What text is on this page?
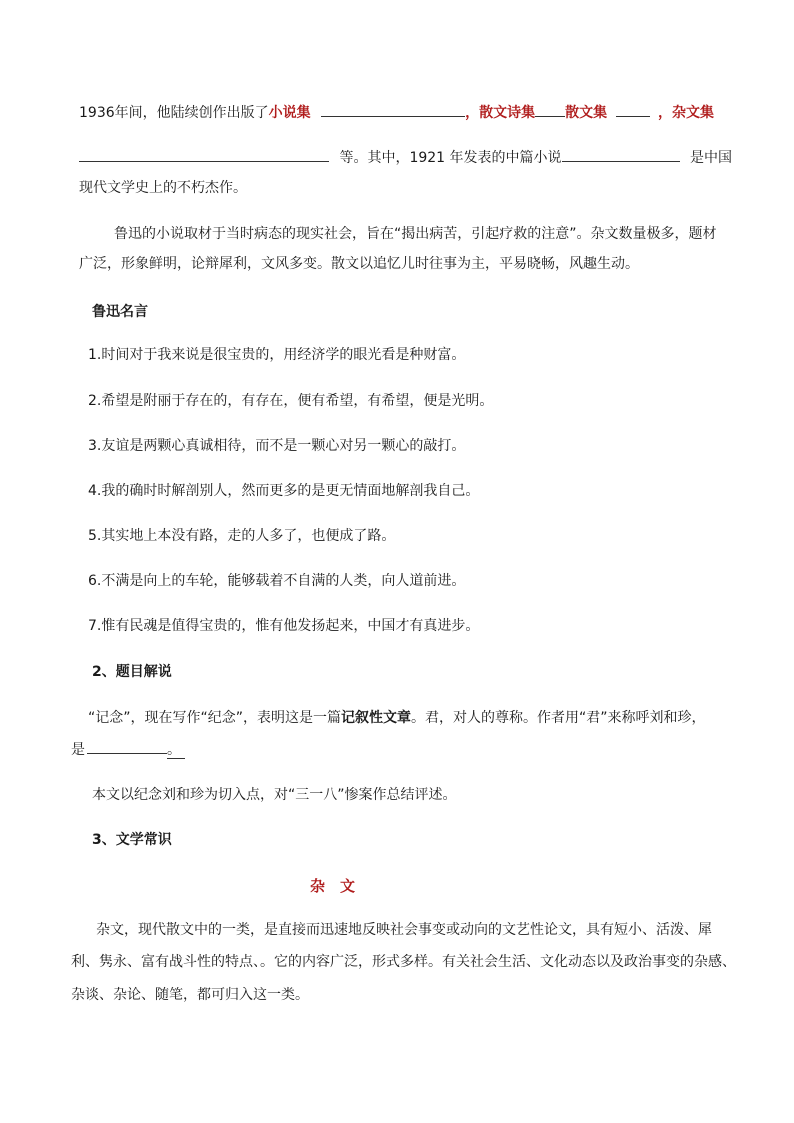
1936年间，他陆续创作出版了小说集	，散文诗集 散文集	，杂文集
等。其中，1921 年发表的中篇小说	是中国
现代文学史上的不朽杰作。
鲁迅的小说取材于当时病态的现实社会，旨在“揭出病苦，引起疗救的注意”。杂文数量极多，题材
广泛，形象鲜明，论辩犀利，文风多变。散文以追忆儿时往事为主，平易晓畅，风趣生动。
鲁迅名言
1.时间对于我来说是很宝贵的，用经济学的眼光看是种财富。
2.希望是附丽于存在的，有存在，便有希望，有希望，便是光明。
3.友谊是两颗心真诚相待，而不是一颗心对另一颗心的敲打。
4.我的确时时解剖别人，然而更多的是更无情面地解剖我自己。
5.其实地上本没有路，走的人多了，也便成了路。
6.不满是向上的车轮，能够载着不自满的人类，向人道前进。
7.惟有民魂是值得宝贵的，惟有他发扬起来，中国才有真进步。
2、题目解说
“记念”，现在写作“纪念”，表明这是一篇记叙性文章。君，对人的尊称。作者用“君”来称呼刘和珍，
是	。
本文以纪念刘和珍为切入点，对“三一八”惨案作总结评述。
3、文学常识
杂　文
杂文，现代散文中的一类，是直接而迅速地反映社会事变或动向的文艺性论文，具有短小、活泼、犀
利、隽永、富有战斗性的特点、。它的内容广泛，形式多样。有关社会生活、文化动态以及政治事变的杂感、
杂谈、杂论、随笔，都可归入这一类。
